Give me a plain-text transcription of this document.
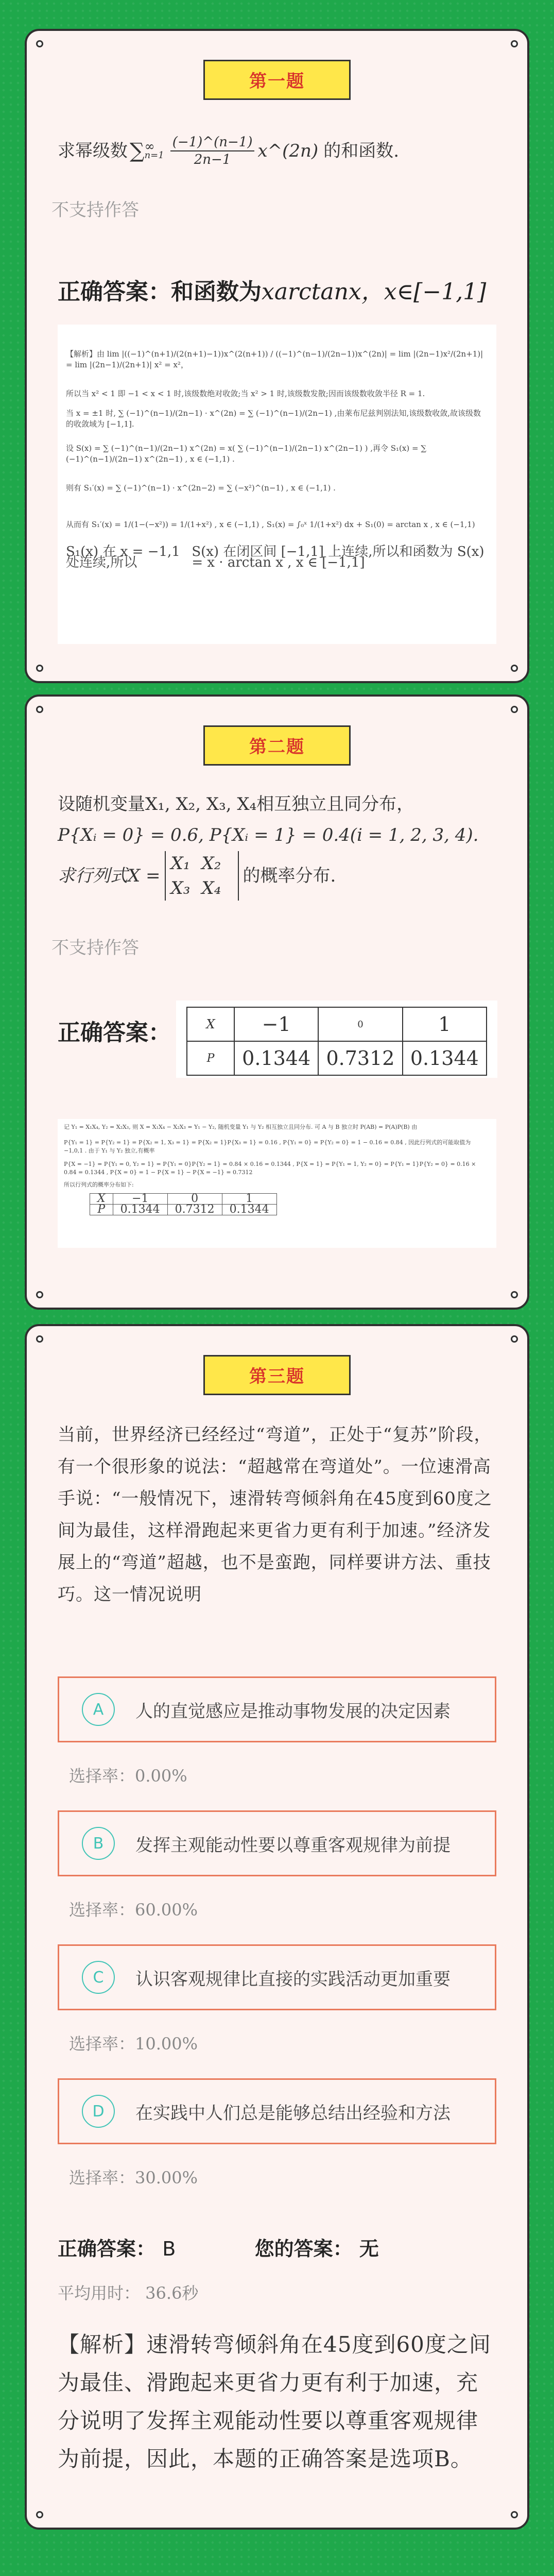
第一题
求幂级数 ∑ ∞
$n=1 \frac{(-1)\^{}(n-1)}{2n-1}$ x^(2n) 的和函数.
不支持作答
正确答案：和函数为xarctanx，x∈[−1,1]
【解析】由 lim |((−1)^(n+1)/(2(n+1)−1))x^(2(n+1)) / ((−1)^(n−1)/(2n−1))x^(2n)| = lim |(2n−1)x²/(2n+1)| = lim |(2n−1)/(2n+1)| x² = x²，
所以当 x² < 1 即 −1 < x < 1 时,该级数绝对收敛;当 x² > 1 时,该级数发散;因而该级数收敛半径 R = 1.
当 x = ±1 时, ∑ (−1)^(n−1)/(2n−1) · x^(2n) = ∑ (−1)^(n−1)/(2n−1) ,由莱布尼兹判别法知,该级数收敛,故该级数的收敛域为 [−1,1].
设 S(x) = ∑ (−1)^(n−1)/(2n−1) x^(2n) = x( ∑ (−1)^(n−1)/(2n−1) x^(2n−1) ) ,再令 S₁(x) = ∑ (−1)^(n−1)/(2n−1) x^(2n−1) , x ∈ (−1,1) .
则有 S₁′(x) = ∑ (−1)^(n−1) · x^(2n−2) = ∑ (−x²)^(n−1) , x ∈ (−1,1) .
从而有 S₁′(x) = 1/(1−(−x²)) = 1/(1+x²) , x ∈ (−1,1) , S₁(x) = ∫₀ˣ 1/(1+x²) dx + S₁(0) = arctan x , x ∈ (−1,1)
S₁(x) 在 x = −1,1 处连续,所以
S(x) 在闭区间 [−1,1] 上连续,所以和函数为 S(x) = x · arctan x , x ∈ [−1,1]
第二题
设随机变量X₁, X₂, X₃, X₄相互独立且同分布，
P{Xᵢ = 0} = 0.6, P{Xᵢ = 1} = 0.4(i = 1, 2, 3, 4).
求行列式X =
X₁ X₂
X₃ X₄
的概率分布.
不支持作答
正确答案：	X	−1	0	1
P	0.1344	0.7312	0.1344
记 Y₁ = X₁X₄, Y₂ = X₂X₃, 则 X = X₁X₄ − X₂X₃ = Y₁ − Y₂, 随机变量 Y₁ 与 Y₂ 相互独立且同分布. 可 A 与 B 独立时 P(AB) = P(A)P(B) 由
P{Y₁ = 1} = P{Y₂ = 1} = P{X₂ = 1, X₃ = 1} = P{X₂ = 1}P{X₃ = 1} = 0.16 , P{Y₁ = 0} = P{Y₂ = 0} = 1 − 0.16 = 0.84 , 因此行列式的可能取值为 −1,0,1 . 由于 Y₁ 与 Y₂ 独立,有概率
P{X = −1} = P{Y₁ = 0, Y₂ = 1} = P{Y₁ = 0}P{Y₂ = 1} = 0.84 × 0.16 = 0.1344 , P{X = 1} = P{Y₁ = 1, Y₂ = 0} = P{Y₁ = 1}P{Y₂ = 0} = 0.16 × 0.84 = 0.1344 , P{X = 0} = 1 − P{X = 1} − P{X = −1} = 0.7312
所以行列式的概率分布如下:
X	−1	0	1
P	0.1344	0.7312	0.1344
第三题
当前，世界经济已经经过“弯道”，正处于“复苏”阶段，有一个很形象的说法：“超越常在弯道处”。一位速滑高手说：“一般情况下，速滑转弯倾斜角在45度到60度之间为最佳，这样滑跑起来更省力更有利于加速。”经济发展上的“弯道”超越，也不是蛮跑，同样要讲方法、重技巧。这一情况说明
A	人的直觉感应是推动事物发展的决定因素
选择率：0.00%
B	发挥主观能动性要以尊重客观规律为前提
选择率：60.00%
C	认识客观规律比直接的实践活动更加重要
选择率：10.00%
D	在实践中人们总是能够总结出经验和方法
选择率：30.00%
正确答案： B	您的答案： 无
平均用时： 36.6秒
【解析】速滑转弯倾斜角在45度到60度之间为最佳、滑跑起来更省力更有利于加速，充分说明了发挥主观能动性要以尊重客观规律为前提，因此，本题的正确答案是选项B。
